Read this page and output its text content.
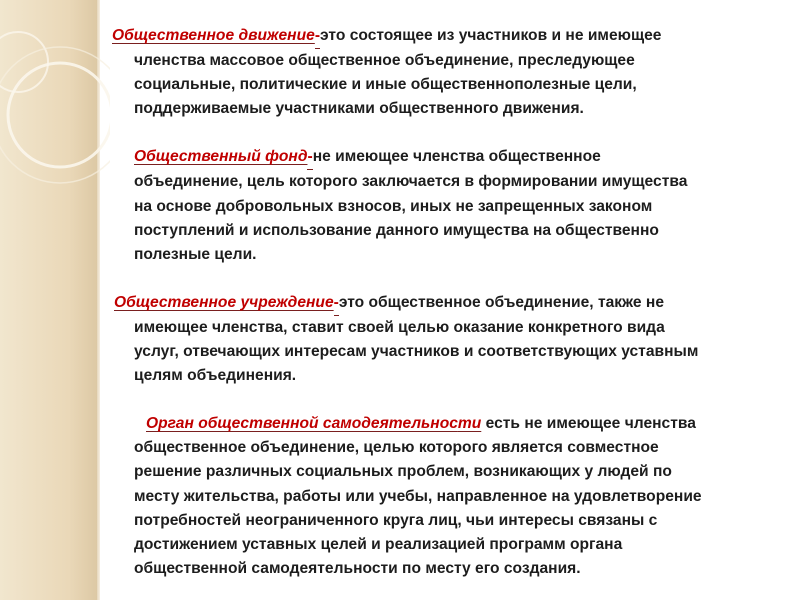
Общественное движение-это состоящее из участников и не имеющее
членства массовое общественное объединение, преследующее
социальные, политические и иные общественнополезные цели,
поддерживаемые участниками общественного движения.
Общественный фонд-не имеющее членства общественное
объединение, цель которого заключается в формировании имущества
на основе добровольных взносов, иных не запрещенных законом
поступлений и использование данного имущества на общественно
полезные цели.
Общественное учреждение-это общественное объединение, также не
имеющее членства, ставит своей целью оказание конкретного вида
услуг, отвечающих интересам участников и соответствующих уставным
целям объединения.
Орган общественной самодеятельности есть не имеющее членства
общественное объединение, целью которого является совместное
решение различных социальных проблем, возникающих у людей по
месту жительства, работы или учебы, направленное на удовлетворение
потребностей неограниченного круга лиц, чьи интересы связаны с
достижением уставных целей и реализацией программ органа
общественной самодеятельности по месту его создания.
